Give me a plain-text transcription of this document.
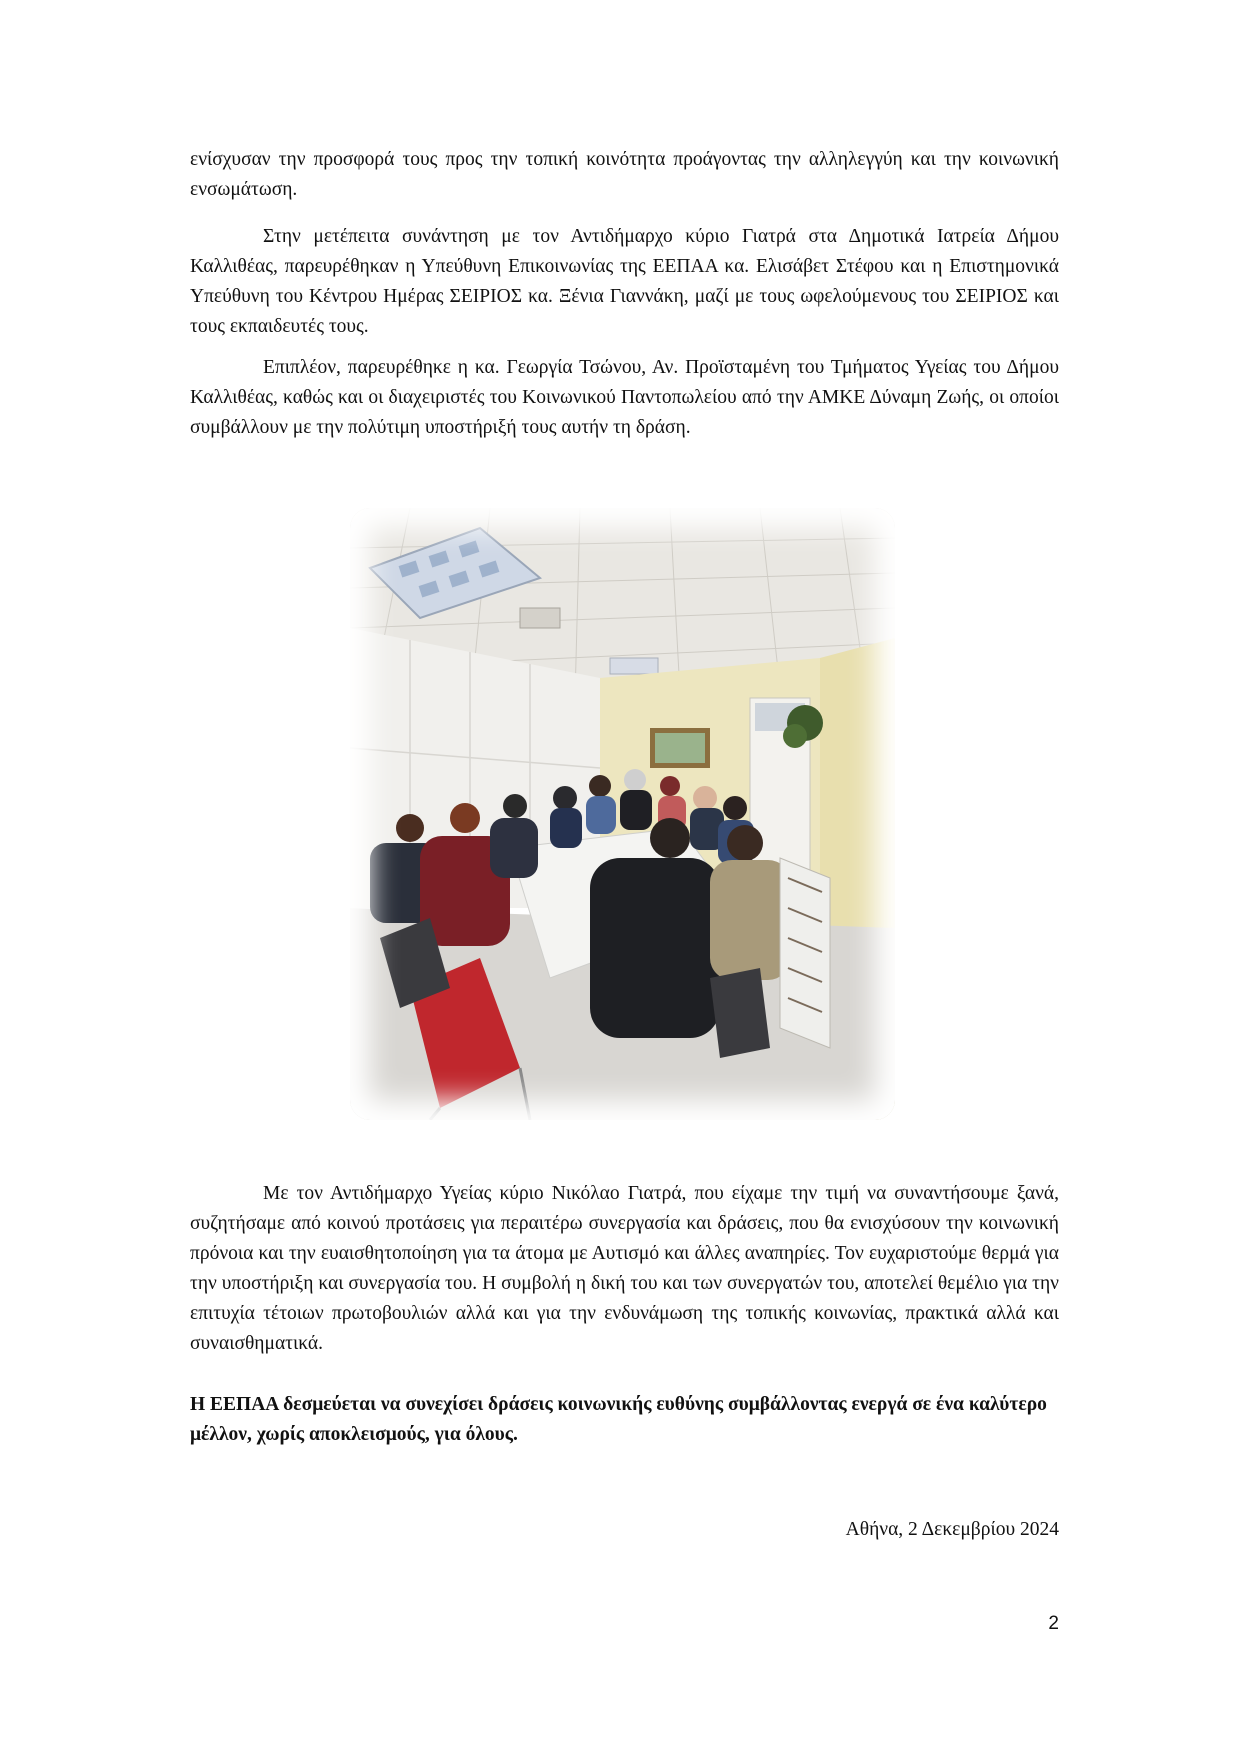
ενίσχυσαν την προσφορά τους προς την τοπική κοινότητα προάγοντας την αλληλεγγύη και την κοινωνική ενσωμάτωση.

Στην μετέπειτα συνάντηση με τον Αντιδήμαρχο κύριο Γιατρά στα Δημοτικά Ιατρεία Δήμου Καλλιθέας, παρευρέθηκαν η Υπεύθυνη Επικοινωνίας της ΕΕΠΑΑ κα. Ελισάβετ Στέφου και η Επιστημονικά Υπεύθυνη του Κέντρου Ημέρας ΣΕΙΡΙΟΣ κα. Ξένια Γιαννάκη, μαζί με τους ωφελούμενους του ΣΕΙΡΙΟΣ και τους εκπαιδευτές τους.

Επιπλέον, παρευρέθηκε η κα. Γεωργία Τσώνου, Αν. Προϊσταμένη του Τμήματος Υγείας του Δήμου Καλλιθέας, καθώς και οι διαχειριστές του Κοινωνικού Παντοπωλείου από την ΑΜΚΕ Δύναμη Ζωής, οι οποίοι συμβάλλουν με την πολύτιμη υποστήριξή τους αυτήν τη δράση.

Με τον Αντιδήμαρχο Υγείας κύριο Νικόλαο Γιατρά, που είχαμε την τιμή να συναντήσουμε ξανά, συζητήσαμε από κοινού προτάσεις για περαιτέρω συνεργασία και δράσεις, που θα ενισχύσουν την κοινωνική πρόνοια και την ευαισθητοποίηση για τα άτομα με Αυτισμό και άλλες αναπηρίες. Τον ευχαριστούμε θερμά για την υποστήριξη και συνεργασία του. Η συμβολή η δική του και των συνεργατών του, αποτελεί θεμέλιο για την επιτυχία τέτοιων πρωτοβουλιών αλλά και για την ενδυνάμωση της τοπικής κοινωνίας, πρακτικά αλλά και συναισθηματικά.

Η ΕΕΠΑΑ δεσμεύεται να συνεχίσει δράσεις κοινωνικής ευθύνης συμβάλλοντας ενεργά σε ένα καλύτερο μέλλον, χωρίς αποκλεισμούς, για όλους.

Αθήνα, 2 Δεκεμβρίου 2024
2
